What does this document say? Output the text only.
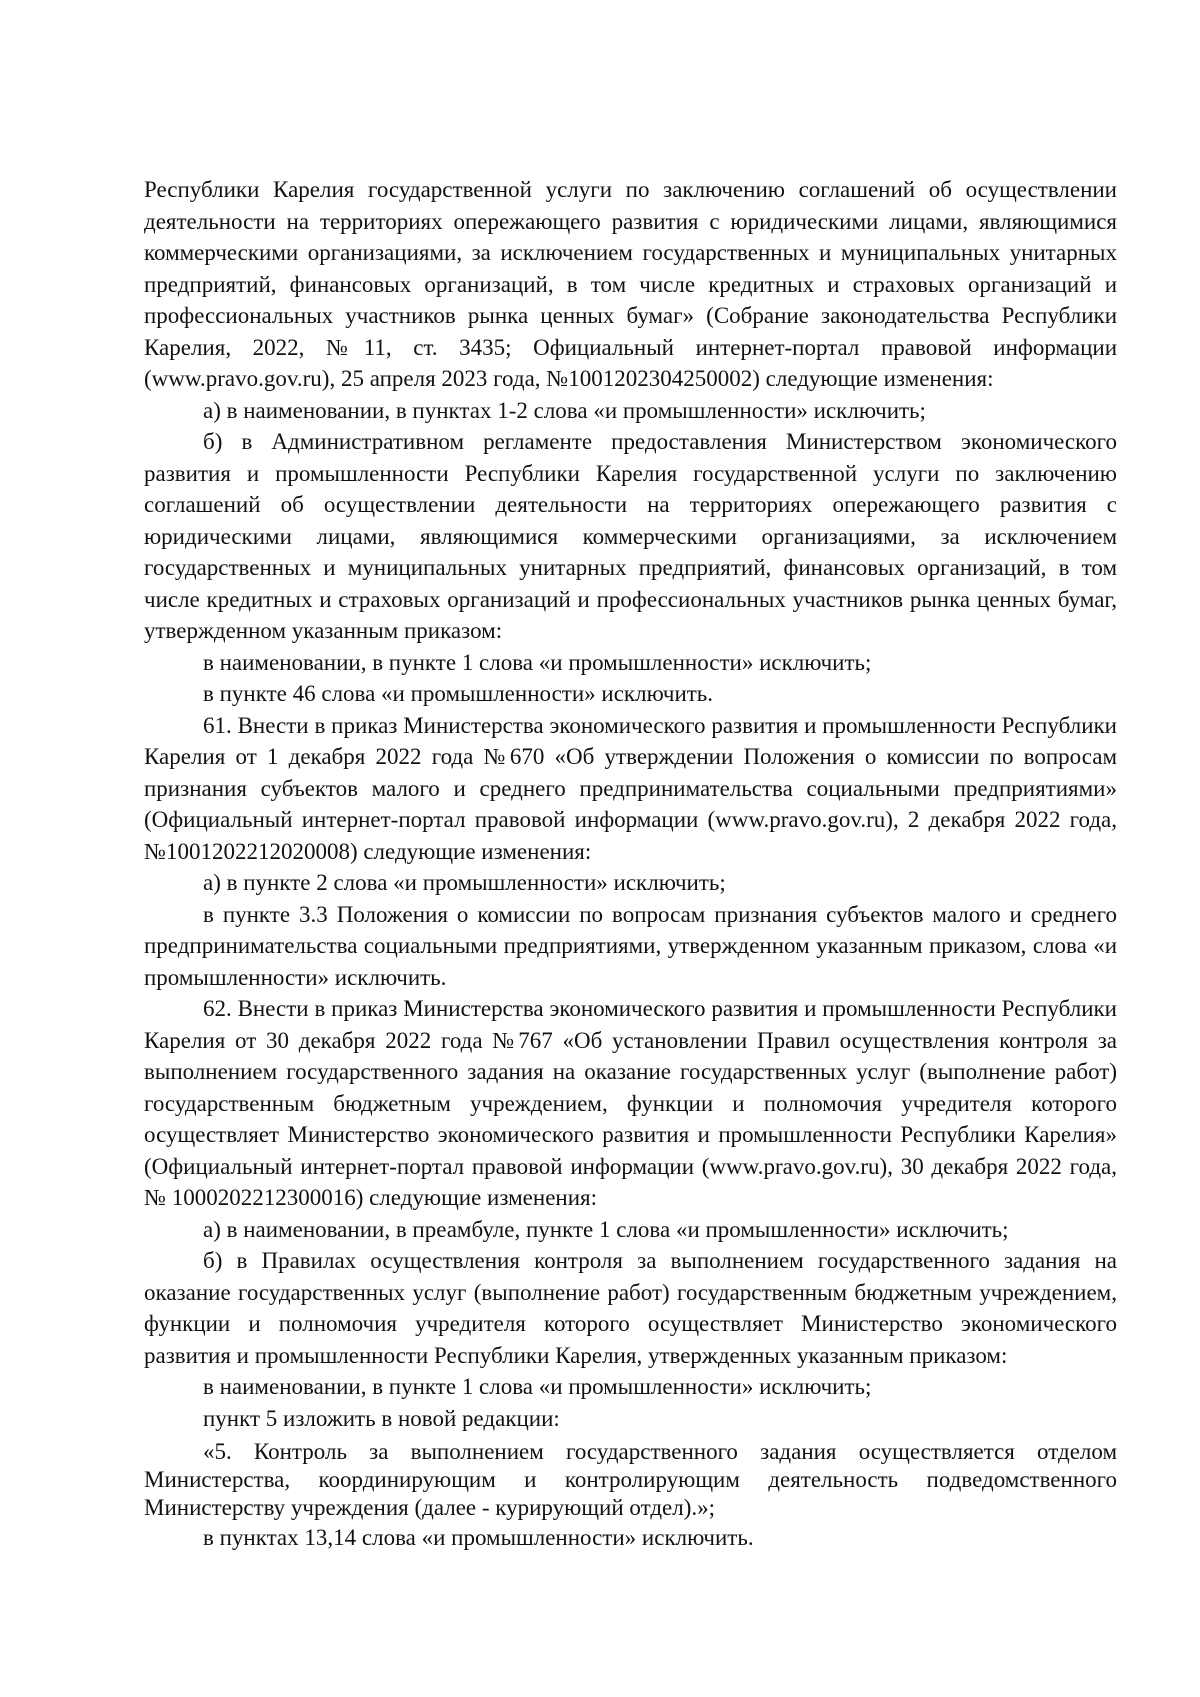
Республики Карелия государственной услуги по заключению соглашений об осуществлении деятельности на территориях опережающего развития с юридическими лицами, являющимися коммерческими организациями, за исключением государственных и муниципальных унитарных предприятий, финансовых организаций, в том числе кредитных и страховых организаций и профессиональных участников рынка ценных бумаг» (Собрание законодательства Республики Карелия, 2022, №11, ст. 3435; Официальный интернет-портал правовой информации (www.pravo.gov.ru), 25 апреля 2023 года, №1001202304250002) следующие изменения:

а) в наименовании, в пунктах 1-2 слова «и промышленности» исключить;

б) в Административном регламенте предоставления Министерством экономического развития и промышленности Республики Карелия государственной услуги по заключению соглашений об осуществлении деятельности на территориях опережающего развития с юридическими лицами, являющимися коммерческими организациями, за исключением государственных и муниципальных унитарных предприятий, финансовых организаций, в том числе кредитных и страховых организаций и профессиональных участников рынка ценных бумаг, утвержденном указанным приказом:

в наименовании, в пункте 1 слова «и промышленности» исключить;

в пункте 46 слова «и промышленности» исключить.

61. Внести в приказ Министерства экономического развития и промышленности Республики Карелия от 1 декабря 2022 года №670 «Об утверждении Положения о комиссии по вопросам признания субъектов малого и среднего предпринимательства социальными предприятиями» (Официальный интернет-портал правовой информации (www.pravo.gov.ru), 2 декабря 2022 года, №1001202212020008) следующие изменения:

а) в пункте 2 слова «и промышленности» исключить;

в пункте 3.3 Положения о комиссии по вопросам признания субъектов малого и среднего предпринимательства социальными предприятиями, утвержденном указанным приказом, слова «и промышленности» исключить.

62. Внести в приказ Министерства экономического развития и промышленности Республики Карелия от 30 декабря 2022 года №767 «Об установлении Правил осуществления контроля за выполнением государственного задания на оказание государственных услуг (выполнение работ) государственным бюджетным учреждением, функции и полномочия учредителя которого осуществляет Министерство экономического развития и промышленности Республики Карелия» (Официальный интернет-портал правовой информации (www.pravo.gov.ru), 30 декабря 2022 года, № 1000202212300016) следующие изменения:

а) в наименовании, в преамбуле, пункте 1 слова «и промышленности» исключить;

б) в Правилах осуществления контроля за выполнением государственного задания на оказание государственных услуг (выполнение работ) государственным бюджетным учреждением, функции и полномочия учредителя которого осуществляет Министерство экономического развития и промышленности Республики Карелия, утвержденных указанным приказом:

в наименовании, в пункте 1 слова «и промышленности» исключить;

пункт 5 изложить в новой редакции:

«5. Контроль за выполнением государственного задания осуществляется отделом Министерства, координирующим и контролирующим деятельность подведомственного Министерству учреждения (далее - курирующий отдел).»;

в пунктах 13,14 слова «и промышленности» исключить.
